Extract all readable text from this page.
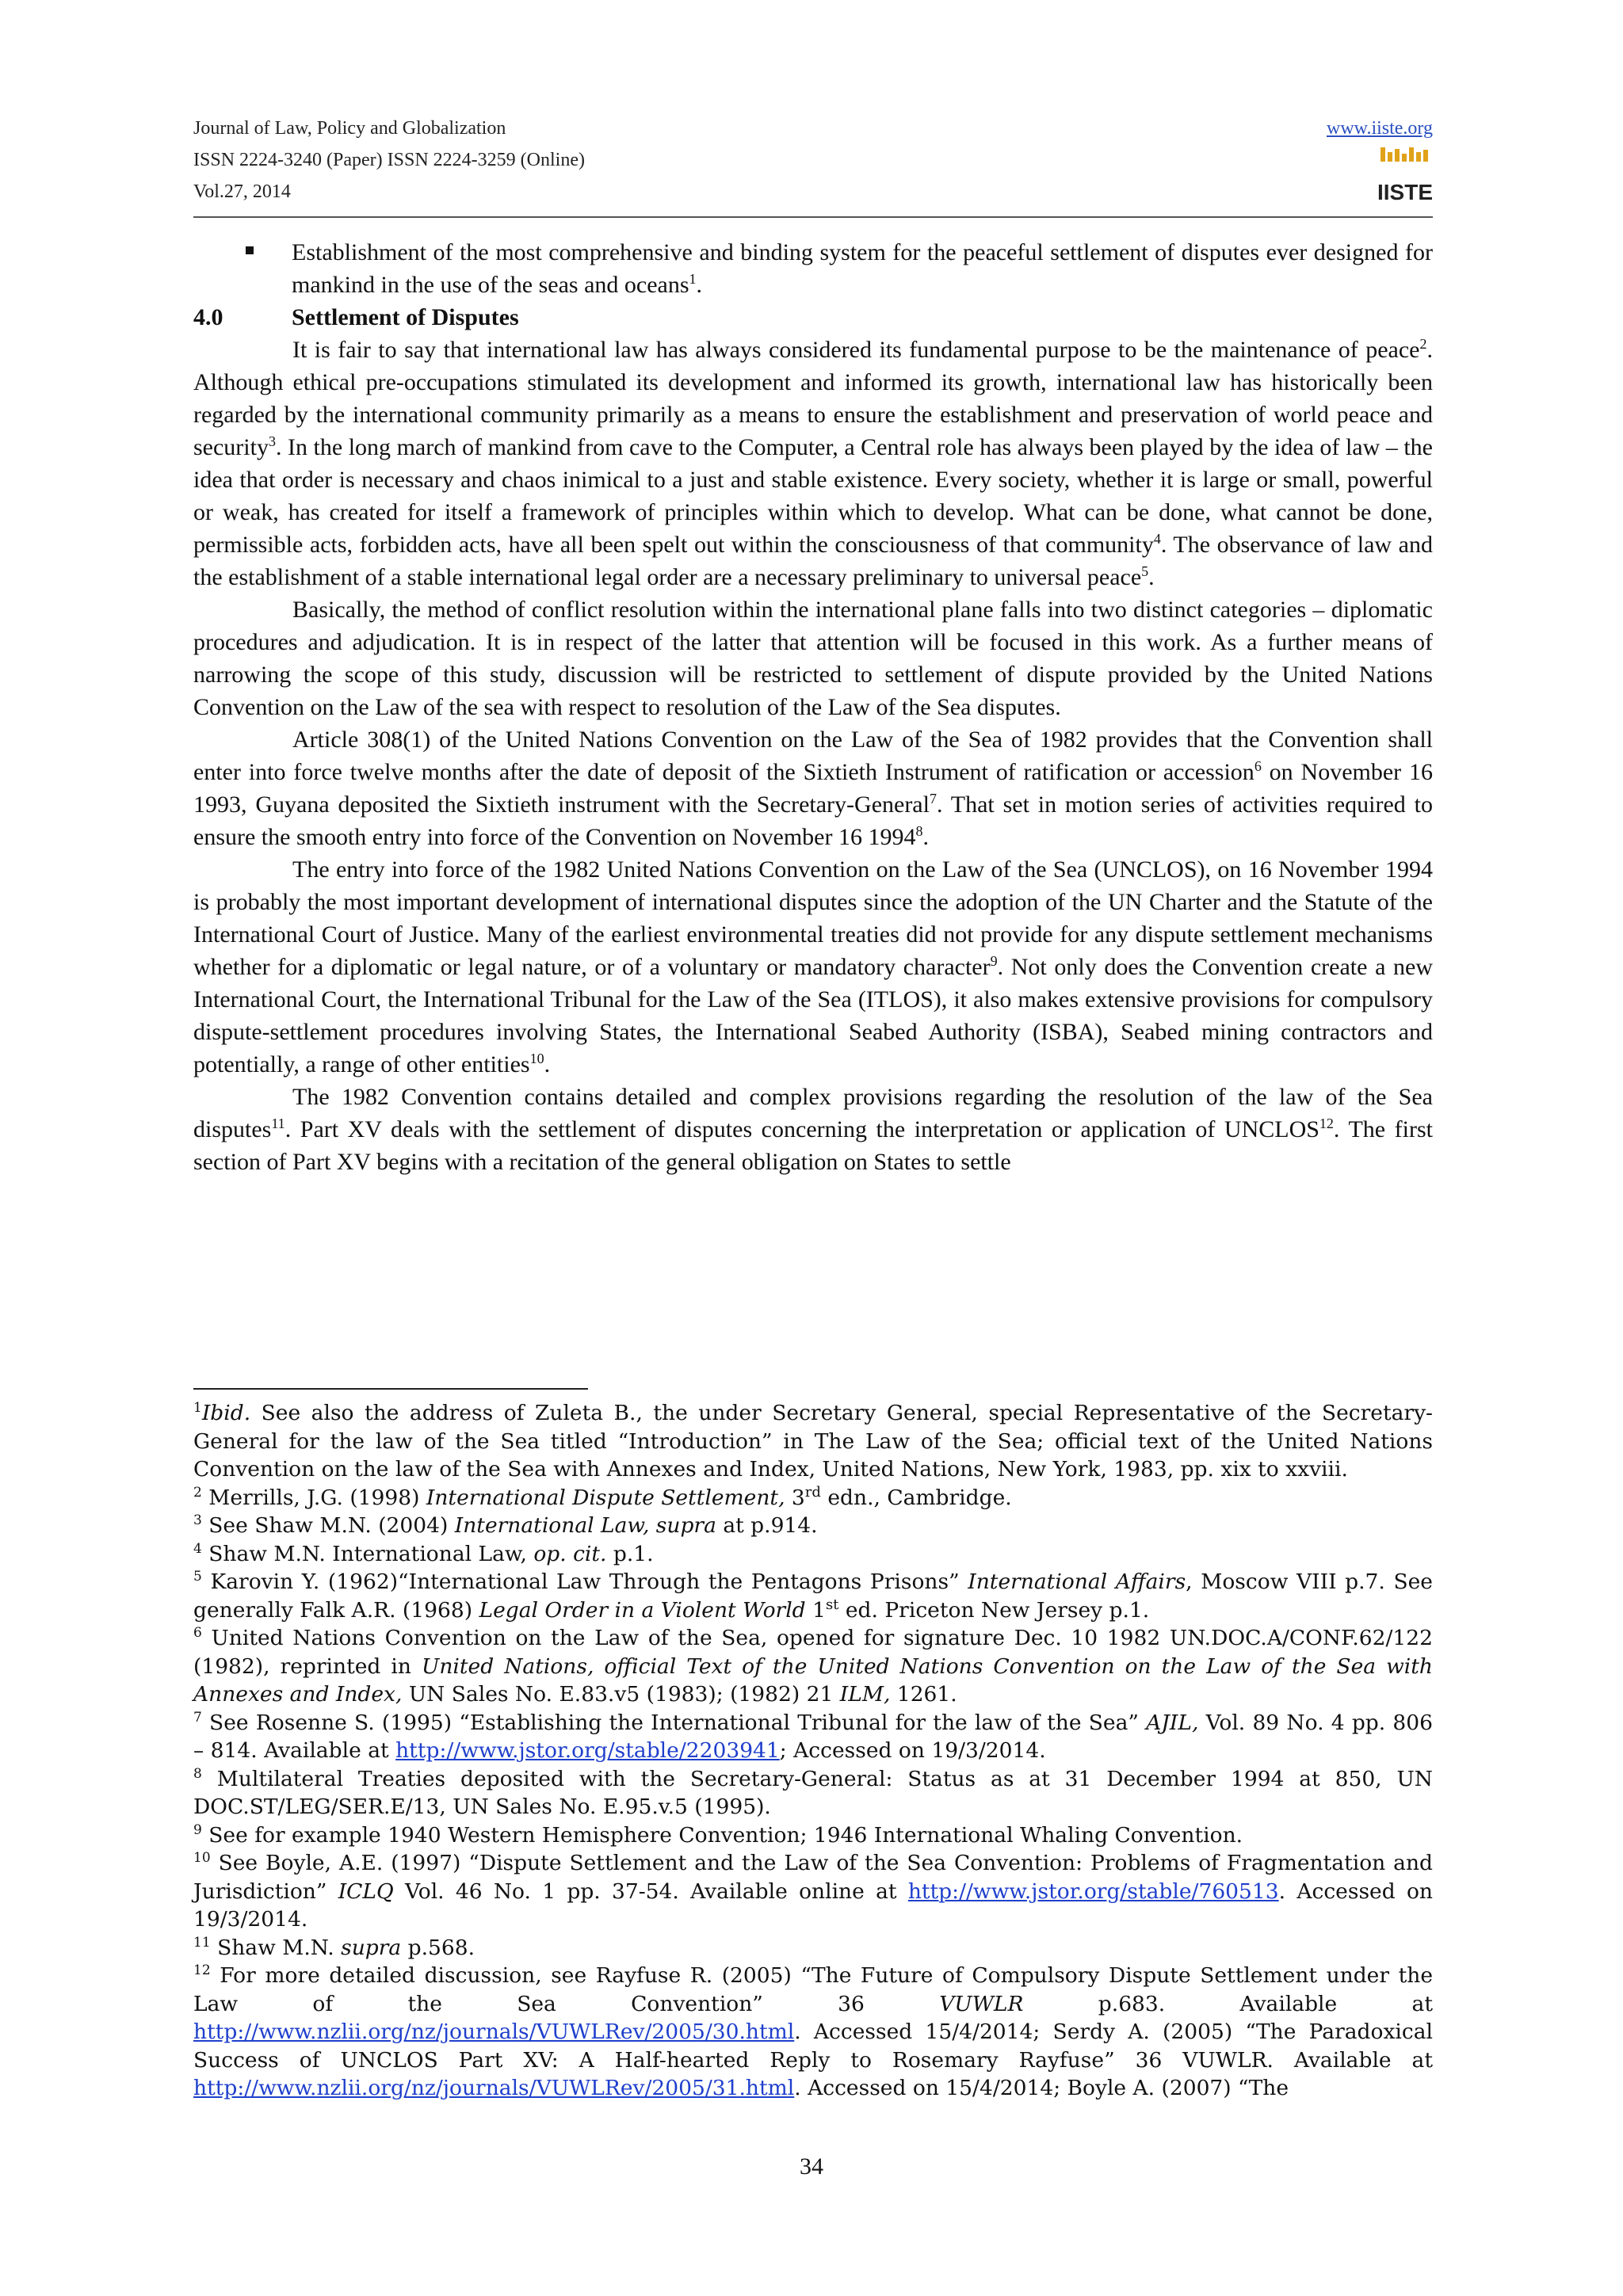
Journal of Law, Policy and Globalization
ISSN 2224-3240 (Paper) ISSN 2224-3259 (Online)
Vol.27, 2014
www.iiste.org
IISTE
Establishment of the most comprehensive and binding system for the peaceful settlement of disputes ever designed for mankind in the use of the seas and oceans$^1$.
4.0	Settlement of Disputes

It is fair to say that international law has always considered its fundamental purpose to be the maintenance of peace$^2$. Although ethical pre-occupations stimulated its development and informed its growth, international law has historically been regarded by the international community primarily as a means to ensure the establishment and preservation of world peace and security$^3$. In the long march of mankind from cave to the Computer, a Central role has always been played by the idea of law – the idea that order is necessary and chaos inimical to a just and stable existence. Every society, whether it is large or small, powerful or weak, has created for itself a framework of principles within which to develop. What can be done, what cannot be done, permissible acts, forbidden acts, have all been spelt out within the consciousness of that community$^4$. The observance of law and the establishment of a stable international legal order are a necessary preliminary to universal peace$^5$.

Basically, the method of conflict resolution within the international plane falls into two distinct categories – diplomatic procedures and adjudication. It is in respect of the latter that attention will be focused in this work. As a further means of narrowing the scope of this study, discussion will be restricted to settlement of dispute provided by the United Nations Convention on the Law of the sea with respect to resolution of the Law of the Sea disputes.

Article 308(1) of the United Nations Convention on the Law of the Sea of 1982 provides that the Convention shall enter into force twelve months after the date of deposit of the Sixtieth Instrument of ratification or accession$^6$ on November 16 1993, Guyana deposited the Sixtieth instrument with the Secretary-General$^7$. That set in motion series of activities required to ensure the smooth entry into force of the Convention on November 16 1994$^8$.

The entry into force of the 1982 United Nations Convention on the Law of the Sea (UNCLOS), on 16 November 1994 is probably the most important development of international disputes since the adoption of the UN Charter and the Statute of the International Court of Justice. Many of the earliest environmental treaties did not provide for any dispute settlement mechanisms whether for a diplomatic or legal nature, or of a voluntary or mandatory character$^9$. Not only does the Convention create a new International Court, the International Tribunal for the Law of the Sea (ITLOS), it also makes extensive provisions for compulsory dispute-settlement procedures involving States, the International Seabed Authority (ISBA), Seabed mining contractors and potentially, a range of other entities$^{10}$.

The 1982 Convention contains detailed and complex provisions regarding the resolution of the law of the Sea disputes$^{11}$. Part XV deals with the settlement of disputes concerning the interpretation or application of UNCLOS$^{12}$. The first section of Part XV begins with a recitation of the general obligation on States to settle

$^1$Ibid. See also the address of Zuleta B., the under Secretary General, special Representative of the Secretary-General for the law of the Sea titled “Introduction” in The Law of the Sea; official text of the United Nations Convention on the law of the Sea with Annexes and Index, United Nations, New York, 1983, pp. xix to xxviii.

$^2$ Merrills, J.G. (1998) International Dispute Settlement, 3rd edn., Cambridge.

$^3$ See Shaw M.N. (2004) International Law, supra at p.914.

$^4$ Shaw M.N. International Law, op. cit. p.1.

$^5$ Karovin Y. (1962)“International Law Through the Pentagons Prisons” International Affairs, Moscow VIII p.7. See generally Falk A.R. (1968) Legal Order in a Violent World 1st ed. Priceton New Jersey p.1.

$^6$ United Nations Convention on the Law of the Sea, opened for signature Dec. 10 1982 UN.DOC.A/CONF.62/122 (1982), reprinted in United Nations, official Text of the United Nations Convention on the Law of the Sea with Annexes and Index, UN Sales No. E.83.v5 (1983); (1982) 21 ILM, 1261.

$^7$ See Rosenne S. (1995) “Establishing the International Tribunal for the law of the Sea” AJIL, Vol. 89 No. 4 pp. 806 – 814. Available at http://www.jstor.org/stable/2203941; Accessed on 19/3/2014.

$^8$ Multilateral Treaties deposited with the Secretary-General: Status as at 31 December 1994 at 850, UN DOC.ST/LEG/SER.E/13, UN Sales No. E.95.v.5 (1995).

$^9$ See for example 1940 Western Hemisphere Convention; 1946 International Whaling Convention.

$^{10}$ See Boyle, A.E. (1997) “Dispute Settlement and the Law of the Sea Convention: Problems of Fragmentation and Jurisdiction” ICLQ Vol. 46 No. 1 pp. 37-54. Available online at http://www.jstor.org/stable/760513. Accessed on 19/3/2014.

$^{11}$ Shaw M.N. supra p.568.

$^{12}$ For more detailed discussion, see Rayfuse R. (2005) “The Future of Compulsory Dispute Settlement under the Law of the Sea Convention” 36 VUWLR p.683. Available at http://www.nzlii.org/nz/journals/VUWLRev/2005/30.html. Accessed 15/4/2014; Serdy A. (2005) “The Paradoxical Success of UNCLOS Part XV: A Half-hearted Reply to Rosemary Rayfuse” 36 VUWLR. Available at http://www.nzlii.org/nz/journals/VUWLRev/2005/31.html. Accessed on 15/4/2014; Boyle A. (2007) “The

34
